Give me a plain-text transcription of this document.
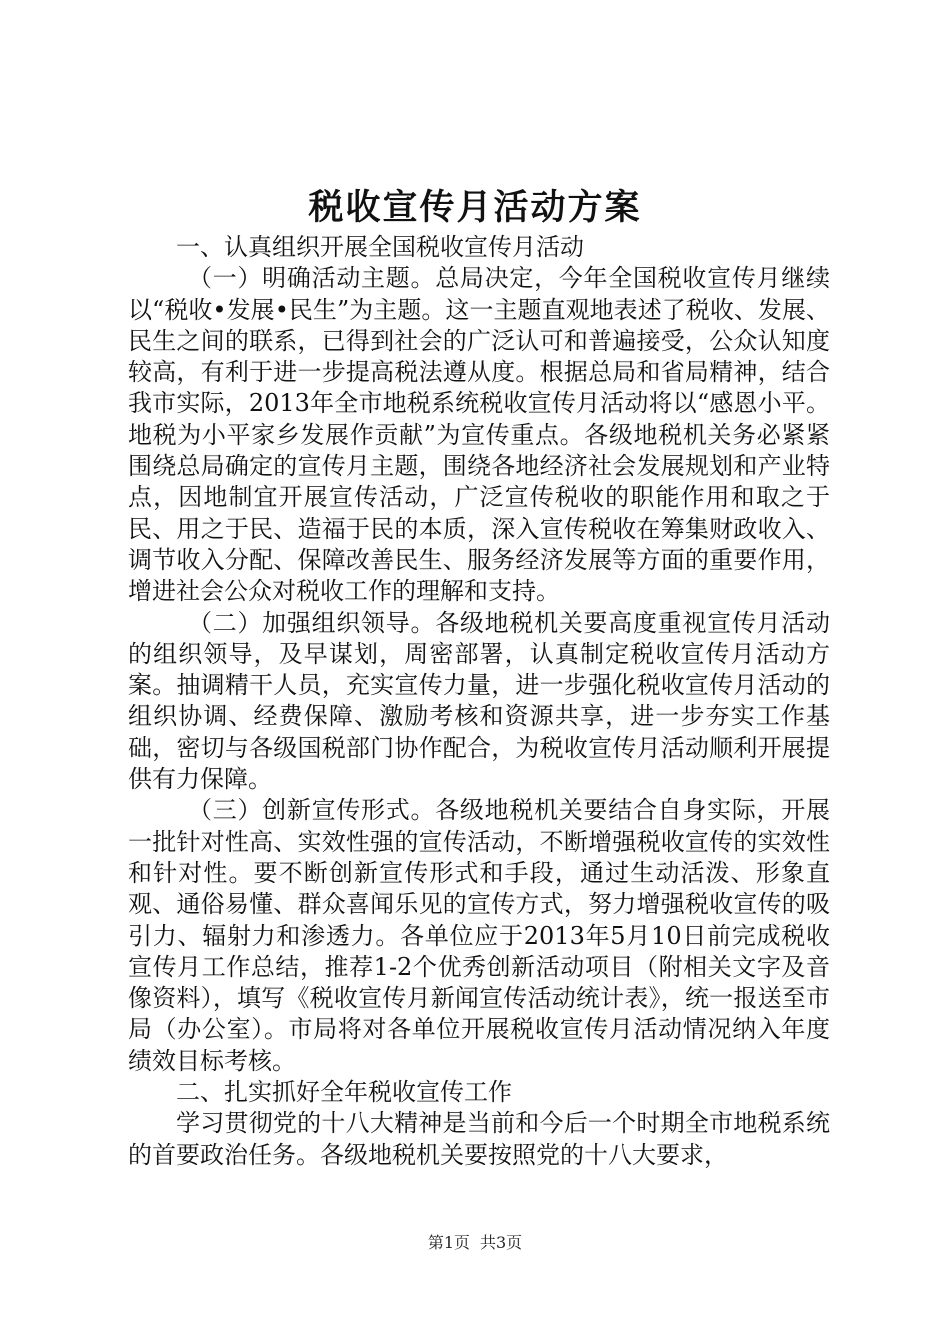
税收宣传月活动方案

一、认真组织开展全国税收宣传月活动

（一）明确活动主题。总局决定，今年全国税收宣传月继续以“税收•发展•民生”为主题。这一主题直观地表述了税收、发展、民生之间的联系，已得到社会的广泛认可和普遍接受，公众认知度较高，有利于进一步提高税法遵从度。根据总局和省局精神，结合我市实际，2013年全市地税系统税收宣传月活动将以“感恩小平。地税为小平家乡发展作贡献”为宣传重点。各级地税机关务必紧紧围绕总局确定的宣传月主题，围绕各地经济社会发展规划和产业特点，因地制宜开展宣传活动，广泛宣传税收的职能作用和取之于民、用之于民、造福于民的本质，深入宣传税收在筹集财政收入、调节收入分配、保障改善民生、服务经济发展等方面的重要作用，增进社会公众对税收工作的理解和支持。

（二）加强组织领导。各级地税机关要高度重视宣传月活动的组织领导，及早谋划，周密部署，认真制定税收宣传月活动方案。抽调精干人员，充实宣传力量，进一步强化税收宣传月活动的组织协调、经费保障、激励考核和资源共享，进一步夯实工作基础，密切与各级国税部门协作配合，为税收宣传月活动顺利开展提供有力保障。

（三）创新宣传形式。各级地税机关要结合自身实际，开展一批针对性高、实效性强的宣传活动，不断增强税收宣传的实效性和针对性。要不断创新宣传形式和手段，通过生动活泼、形象直观、通俗易懂、群众喜闻乐见的宣传方式，努力增强税收宣传的吸引力、辐射力和渗透力。各单位应于2013年5月10日前完成税收宣传月工作总结，推荐1-2个优秀创新活动项目（附相关文字及音像资料），填写《税收宣传月新闻宣传活动统计表》，统一报送至市局（办公室）。市局将对各单位开展税收宣传月活动情况纳入年度绩效目标考核。

二、扎实抓好全年税收宣传工作

学习贯彻党的十八大精神是当前和今后一个时期全市地税系统的首要政治任务。各级地税机关要按照党的十八大要求，

第1页 共3页
